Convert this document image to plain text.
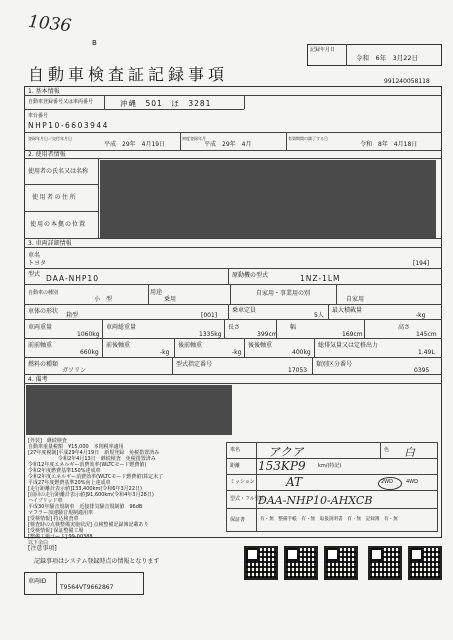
1036
B
自動車検査証記録事項
記録年月日
令和　6年　3月22日
991240058118
1. 基本情報
自動車登録番号又は車両番号	沖縄　501　ほ　3281
車台番号
NHP10-6603944
登録年月日／交付年月日
平成　29年　4月19日
初度登録年月
平成　29年　4月
有効期間の満了する日
令和　8年　4月18日
2. 使用者情報
使用者の氏名又は名称
使用者の住所
使用の本拠の位置
3. 車両詳細情報
車名
トヨタ	[194]
型式 DAA-NHP10	原動機の型式	1NZ-1LM
自動車の種別
小　型
用途
乗用
自家用・事業用の別
自家用
車体の形状
箱型	[001]
乗車定員
5人
最大積載量
-kg
車両重量
1060kg
車両総重量
1335kg
長さ
399cm
幅
169cm
高さ
145cm
前前軸重
660kg
前後軸重
-kg
後前軸重
-kg
後後軸重
400kg
総排気量又は定格出力
1.49L
燃料の種類
ガソリン
型式指定番号
17053
類別区分番号
0395
4. 備考
[外装]　継続検査
自動車重量税額　¥15,000　本則税率適用
[27年度税制]平成29年4月19日　新規登録　免税措置済み
　　　　　　令和2年4月13日　継続検査　免税措置済み
令和12年度エネルギー消費効率(WLTCモード燃費値)
令和2年度燃費基準150%達成車
令和2年度エネルギー消費効率(WLTCモード燃費値)算定未了
平成27年度燃費基準20%向上達成車
[走行距離計表示値]133,400km(令和6年3月22日)
[前回の走行距離計表示値]91,600km(令和4年3月28日)
ハイブリッド車
平成30年騒音規制車　近接排気騒音規制値　96dB
マフラー加速騒音規制適用車
[受検情報] 持込検査車
[検査時の点検整備実施状況] 点検整備記録簿記載あり
[受検情報] 保証整備工場
[整備工場コード] 99-00388
以下余白
車名 アクア	色 白
距離 153KP9 km/(特記)
ミッション	AT	2WD	4WD
型式・フル型式
DAA-NHP10-AHXCB
保証書	有・無　整備手帳　有・無　取扱説明書　有・無　記録簿　有・無
[注意事項]
記録事項はシステム登録時点の情報となります
車両ID
T9564VT9662867
